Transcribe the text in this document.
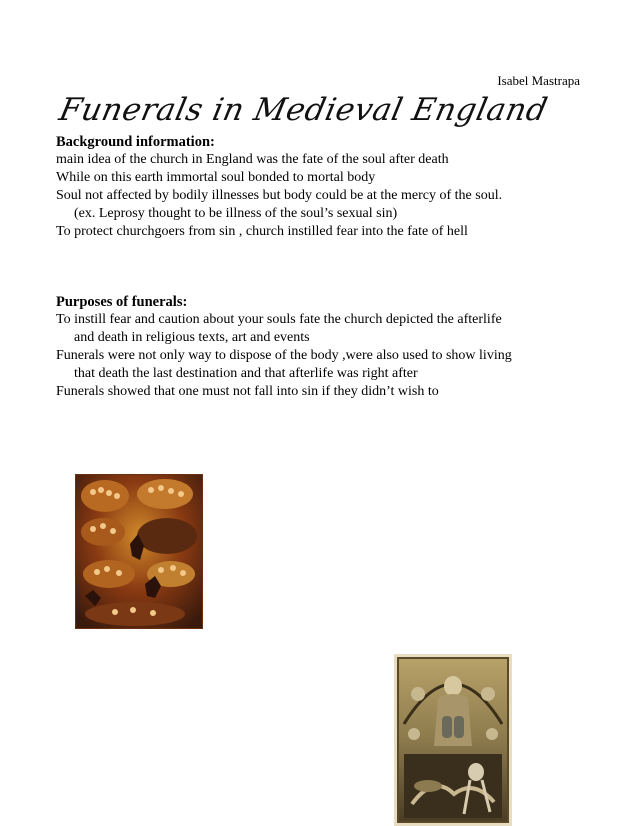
Isabel Mastrapa
Funerals in Medieval England
Background information:
main idea of the church in England was the fate of the soul after death
While on this earth immortal soul bonded to mortal body
Soul not affected by bodily illnesses but body could be at the mercy of the soul.
(ex. Leprosy thought to be illness of the soul’s sexual sin)
To protect churchgoers from sin , church instilled fear into the fate of hell
Purposes of funerals:
To instill fear and caution about your souls fate the church depicted the afterlife
and death in religious texts, art and events
Funerals were not only way to dispose of the body ,were also used to show living
that death the last destination and that afterlife was right after
Funerals showed that one must not fall into sin if they didn’t wish to
